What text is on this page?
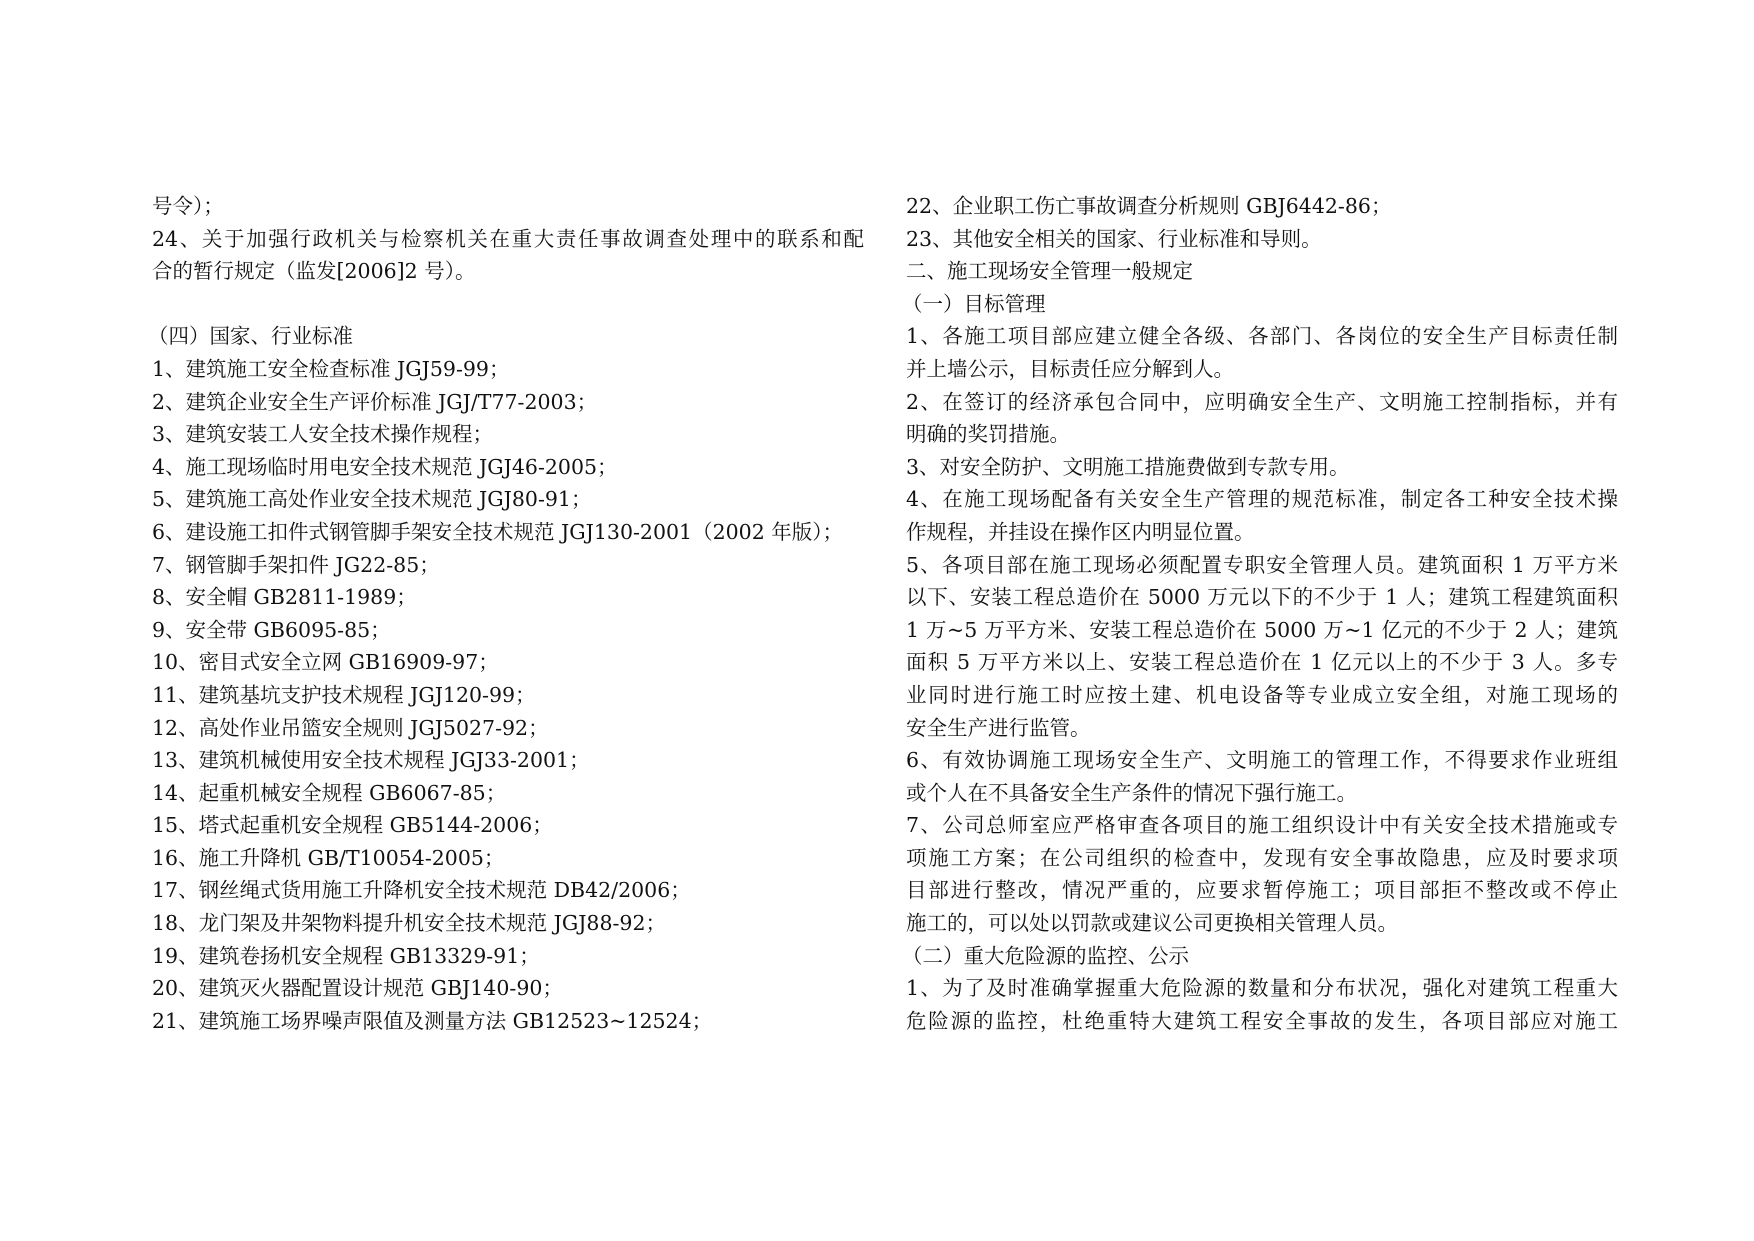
号令）；
24、关于加强行政机关与检察机关在重大责任事故调查处理中的联系和配
合的暂行规定（监发[2006]2 号）。
（四）国家、行业标准
1、建筑施工安全检查标准 JGJ59-99；
2、建筑企业安全生产评价标准 JGJ/T77-2003；
3、建筑安装工人安全技术操作规程；
4、施工现场临时用电安全技术规范 JGJ46-2005；
5、建筑施工高处作业安全技术规范 JGJ80-91；
6、建设施工扣件式钢管脚手架安全技术规范 JGJ130-2001（2002 年版）；
7、钢管脚手架扣件 JG22-85；
8、安全帽 GB2811-1989；
9、安全带 GB6095-85；
10、密目式安全立网 GB16909-97；
11、建筑基坑支护技术规程 JGJ120-99；
12、高处作业吊篮安全规则 JGJ5027-92；
13、建筑机械使用安全技术规程 JGJ33-2001；
14、起重机械安全规程 GB6067-85；
15、塔式起重机安全规程 GB5144-2006；
16、施工升降机 GB/T10054-2005；
17、钢丝绳式货用施工升降机安全技术规范 DB42/2006；
18、龙门架及井架物料提升机安全技术规范 JGJ88-92；
19、建筑卷扬机安全规程 GB13329-91；
20、建筑灭火器配置设计规范 GBJ140-90；
21、建筑施工场界噪声限值及测量方法 GB12523~12524；
22、企业职工伤亡事故调查分析规则 GBJ6442-86；
23、其他安全相关的国家、行业标准和导则。
二、施工现场安全管理一般规定
（一）目标管理
1、各施工项目部应建立健全各级、各部门、各岗位的安全生产目标责任制
并上墙公示，目标责任应分解到人。
2、在签订的经济承包合同中，应明确安全生产、文明施工控制指标，并有
明确的奖罚措施。
3、对安全防护、文明施工措施费做到专款专用。
4、在施工现场配备有关安全生产管理的规范标准，制定各工种安全技术操
作规程，并挂设在操作区内明显位置。
5、各项目部在施工现场必须配置专职安全管理人员。建筑面积 1 万平方米
以下、安装工程总造价在 5000 万元以下的不少于 1 人；建筑工程建筑面积
1 万~5 万平方米、安装工程总造价在 5000 万~1 亿元的不少于 2 人；建筑
面积 5 万平方米以上、安装工程总造价在 1 亿元以上的不少于 3 人。多专
业同时进行施工时应按土建、机电设备等专业成立安全组，对施工现场的
安全生产进行监管。
6、有效协调施工现场安全生产、文明施工的管理工作，不得要求作业班组
或个人在不具备安全生产条件的情况下强行施工。
7、公司总师室应严格审查各项目的施工组织设计中有关安全技术措施或专
项施工方案；在公司组织的检查中，发现有安全事故隐患，应及时要求项
目部进行整改，情况严重的，应要求暂停施工；项目部拒不整改或不停止
施工的，可以处以罚款或建议公司更换相关管理人员。
（二）重大危险源的监控、公示
1、为了及时准确掌握重大危险源的数量和分布状况，强化对建筑工程重大
危险源的监控，杜绝重特大建筑工程安全事故的发生，各项目部应对施工
